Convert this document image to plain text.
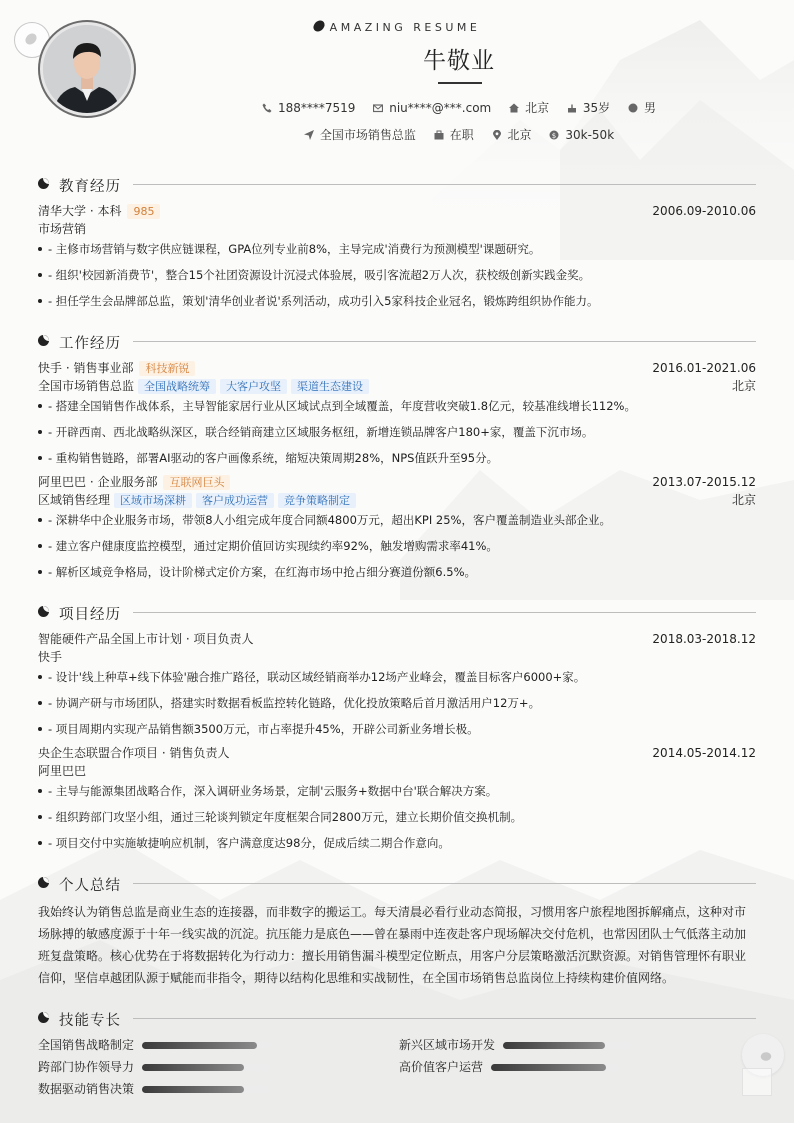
AMAZING RESUME
牛敬业
188****7519	niu****@***.com	北京	35岁	男
全国市场销售总监	在职	北京	$ 30k-50k
教育经历
清华大学 · 本科 985	2006.09-2010.06
市场营销
- 主修市场营销与数字供应链课程，GPA位列专业前8%，主导完成'消费行为预测模型'课题研究。
- 组织'校园新消费节'，整合15个社团资源设计沉浸式体验展，吸引客流超2万人次，获校级创新实践金奖。
- 担任学生会品牌部总监，策划'清华创业者说'系列活动，成功引入5家科技企业冠名，锻炼跨组织协作能力。
工作经历
快手 · 销售事业部 科技新锐	2016.01-2021.06
全国市场销售总监 全国战略统筹 大客户攻坚 渠道生态建设	北京
- 搭建全国销售作战体系，主导智能家居行业从区域试点到全域覆盖，年度营收突破1.8亿元，较基准线增长112%。
- 开辟西南、西北战略纵深区，联合经销商建立区域服务枢纽，新增连锁品牌客户180+家，覆盖下沉市场。
- 重构销售链路，部署AI驱动的客户画像系统，缩短决策周期28%，NPS值跃升至95分。
阿里巴巴 · 企业服务部 互联网巨头	2013.07-2015.12
区域销售经理 区域市场深耕 客户成功运营 竞争策略制定	北京
- 深耕华中企业服务市场，带领8人小组完成年度合同额4800万元，超出KPI 25%，客户覆盖制造业头部企业。
- 建立客户健康度监控模型，通过定期价值回访实现续约率92%，触发增购需求率41%。
- 解析区域竞争格局，设计阶梯式定价方案，在红海市场中抢占细分赛道份额6.5%。
项目经历
智能硬件产品全国上市计划 · 项目负责人	2018.03-2018.12
快手
- 设计'线上种草+线下体验'融合推广路径，联动区域经销商举办12场产业峰会，覆盖目标客户6000+家。
- 协调产研与市场团队，搭建实时数据看板监控转化链路，优化投放策略后首月激活用户12万+。
- 项目周期内实现产品销售额3500万元，市占率提升45%，开辟公司新业务增长极。
央企生态联盟合作项目 · 销售负责人	2014.05-2014.12
阿里巴巴
- 主导与能源集团战略合作，深入调研业务场景，定制'云服务+数据中台'联合解决方案。
- 组织跨部门攻坚小组，通过三轮谈判锁定年度框架合同2800万元，建立长期价值交换机制。
- 项目交付中实施敏捷响应机制，客户满意度达98分，促成后续二期合作意向。
个人总结
我始终认为销售总监是商业生态的连接器，而非数字的搬运工。每天清晨必看行业动态简报，习惯用客户旅程地图拆解痛点，这种对市
场脉搏的敏感度源于十年一线实战的沉淀。抗压能力是底色——曾在暴雨中连夜赴客户现场解决交付危机，也常因团队士气低落主动加
班复盘策略。核心优势在于将数据转化为行动力：擅长用销售漏斗模型定位断点，用客户分层策略激活沉默资源。对销售管理怀有职业
信仰，坚信卓越团队源于赋能而非指令，期待以结构化思维和实战韧性，在全国市场销售总监岗位上持续构建价值网络。
技能专长
全国销售战略制定	新兴区域市场开发
跨部门协作领导力	高价值客户运营
数据驱动销售决策
